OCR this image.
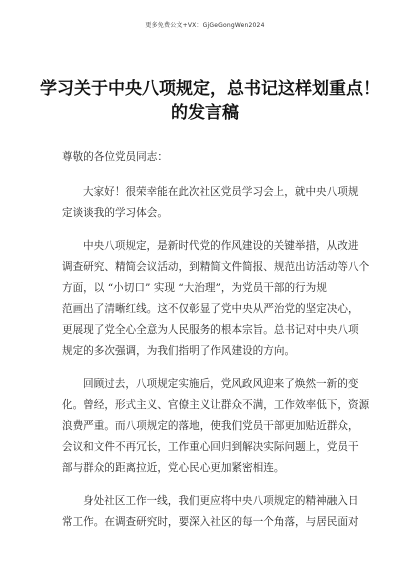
更多免费公文+VX：GjGeGongWen2024
学习关于中央八项规定，总书记这样划重点！
的发言稿

尊敬的各位党员同志：

大家好！很荣幸能在此次社区党员学习会上，就中央八项规
定谈谈我的学习体会。

中央八项规定，是新时代党的作风建设的关键举措，从改进
调查研究、精简会议活动，到精简文件简报、规范出访活动等八个
方面，以 “小切口” 实现 “大治理”，为党员干部的行为规
范画出了清晰红线。这不仅彰显了党中央从严治党的坚定决心，
更展现了党全心全意为人民服务的根本宗旨。总书记对中央八项
规定的多次强调，为我们指明了作风建设的方向。

回顾过去，八项规定实施后，党风政风迎来了焕然一新的变
化。曾经，形式主义、官僚主义让群众不满，工作效率低下，资源
浪费严重。而八项规定的落地，使我们党员干部更加贴近群众，
会议和文件不再冗长，工作重心回归到解决实际问题上，党员干
部与群众的距离拉近，党心民心更加紧密相连。

身处社区工作一线，我们更应将中央八项规定的精神融入日
常工作。在调查研究时，要深入社区的每一个角落，与居民面对
